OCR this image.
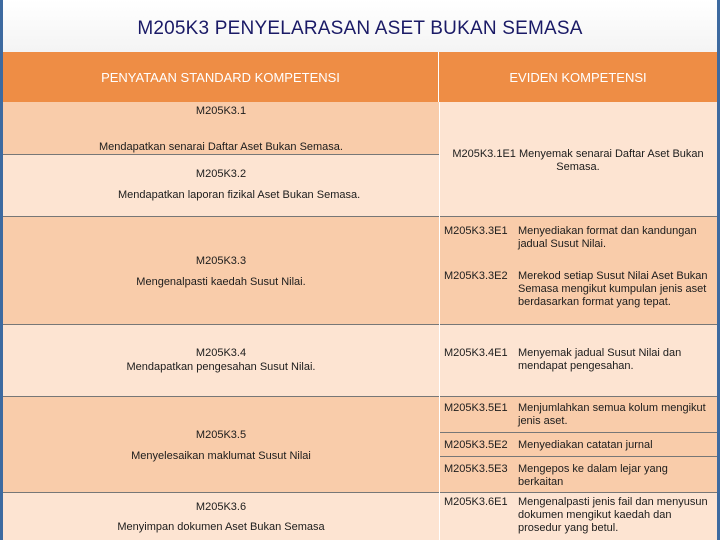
M205K3 PENYELARASAN ASET BUKAN SEMASA
PENYATAAN STANDARD KOMPETENSI	EVIDEN KOMPETENSI
M205K3.1
Mendapatkan senarai Daftar Aset Bukan Semasa.
M205K3.2
Mendapatkan laporan fizikal Aset Bukan Semasa.
M205K3.1E1 Menyemak senarai Daftar Aset Bukan Semasa.
M205K3.3
Mengenalpasti kaedah Susut Nilai.
M205K3.3E1 Menyediakan format dan kandungan jadual Susut Nilai.
M205K3.3E2 Merekod setiap Susut Nilai Aset Bukan Semasa mengikut kumpulan jenis aset berdasarkan format yang tepat.
M205K3.4
Mendapatkan pengesahan Susut Nilai.
M205K3.4E1 Menyemak jadual Susut Nilai dan mendapat pengesahan.
M205K3.5
Menyelesaikan maklumat Susut Nilai
M205K3.5E1 Menjumlahkan semua kolum mengikut jenis aset.
M205K3.5E2 Menyediakan catatan jurnal
M205K3.5E3 Mengepos ke dalam lejar yang berkaitan
M205K3.6
Menyimpan dokumen Aset Bukan Semasa
M205K3.6E1 Mengenalpasti jenis fail dan menyusun dokumen mengikut kaedah dan prosedur yang betul.
